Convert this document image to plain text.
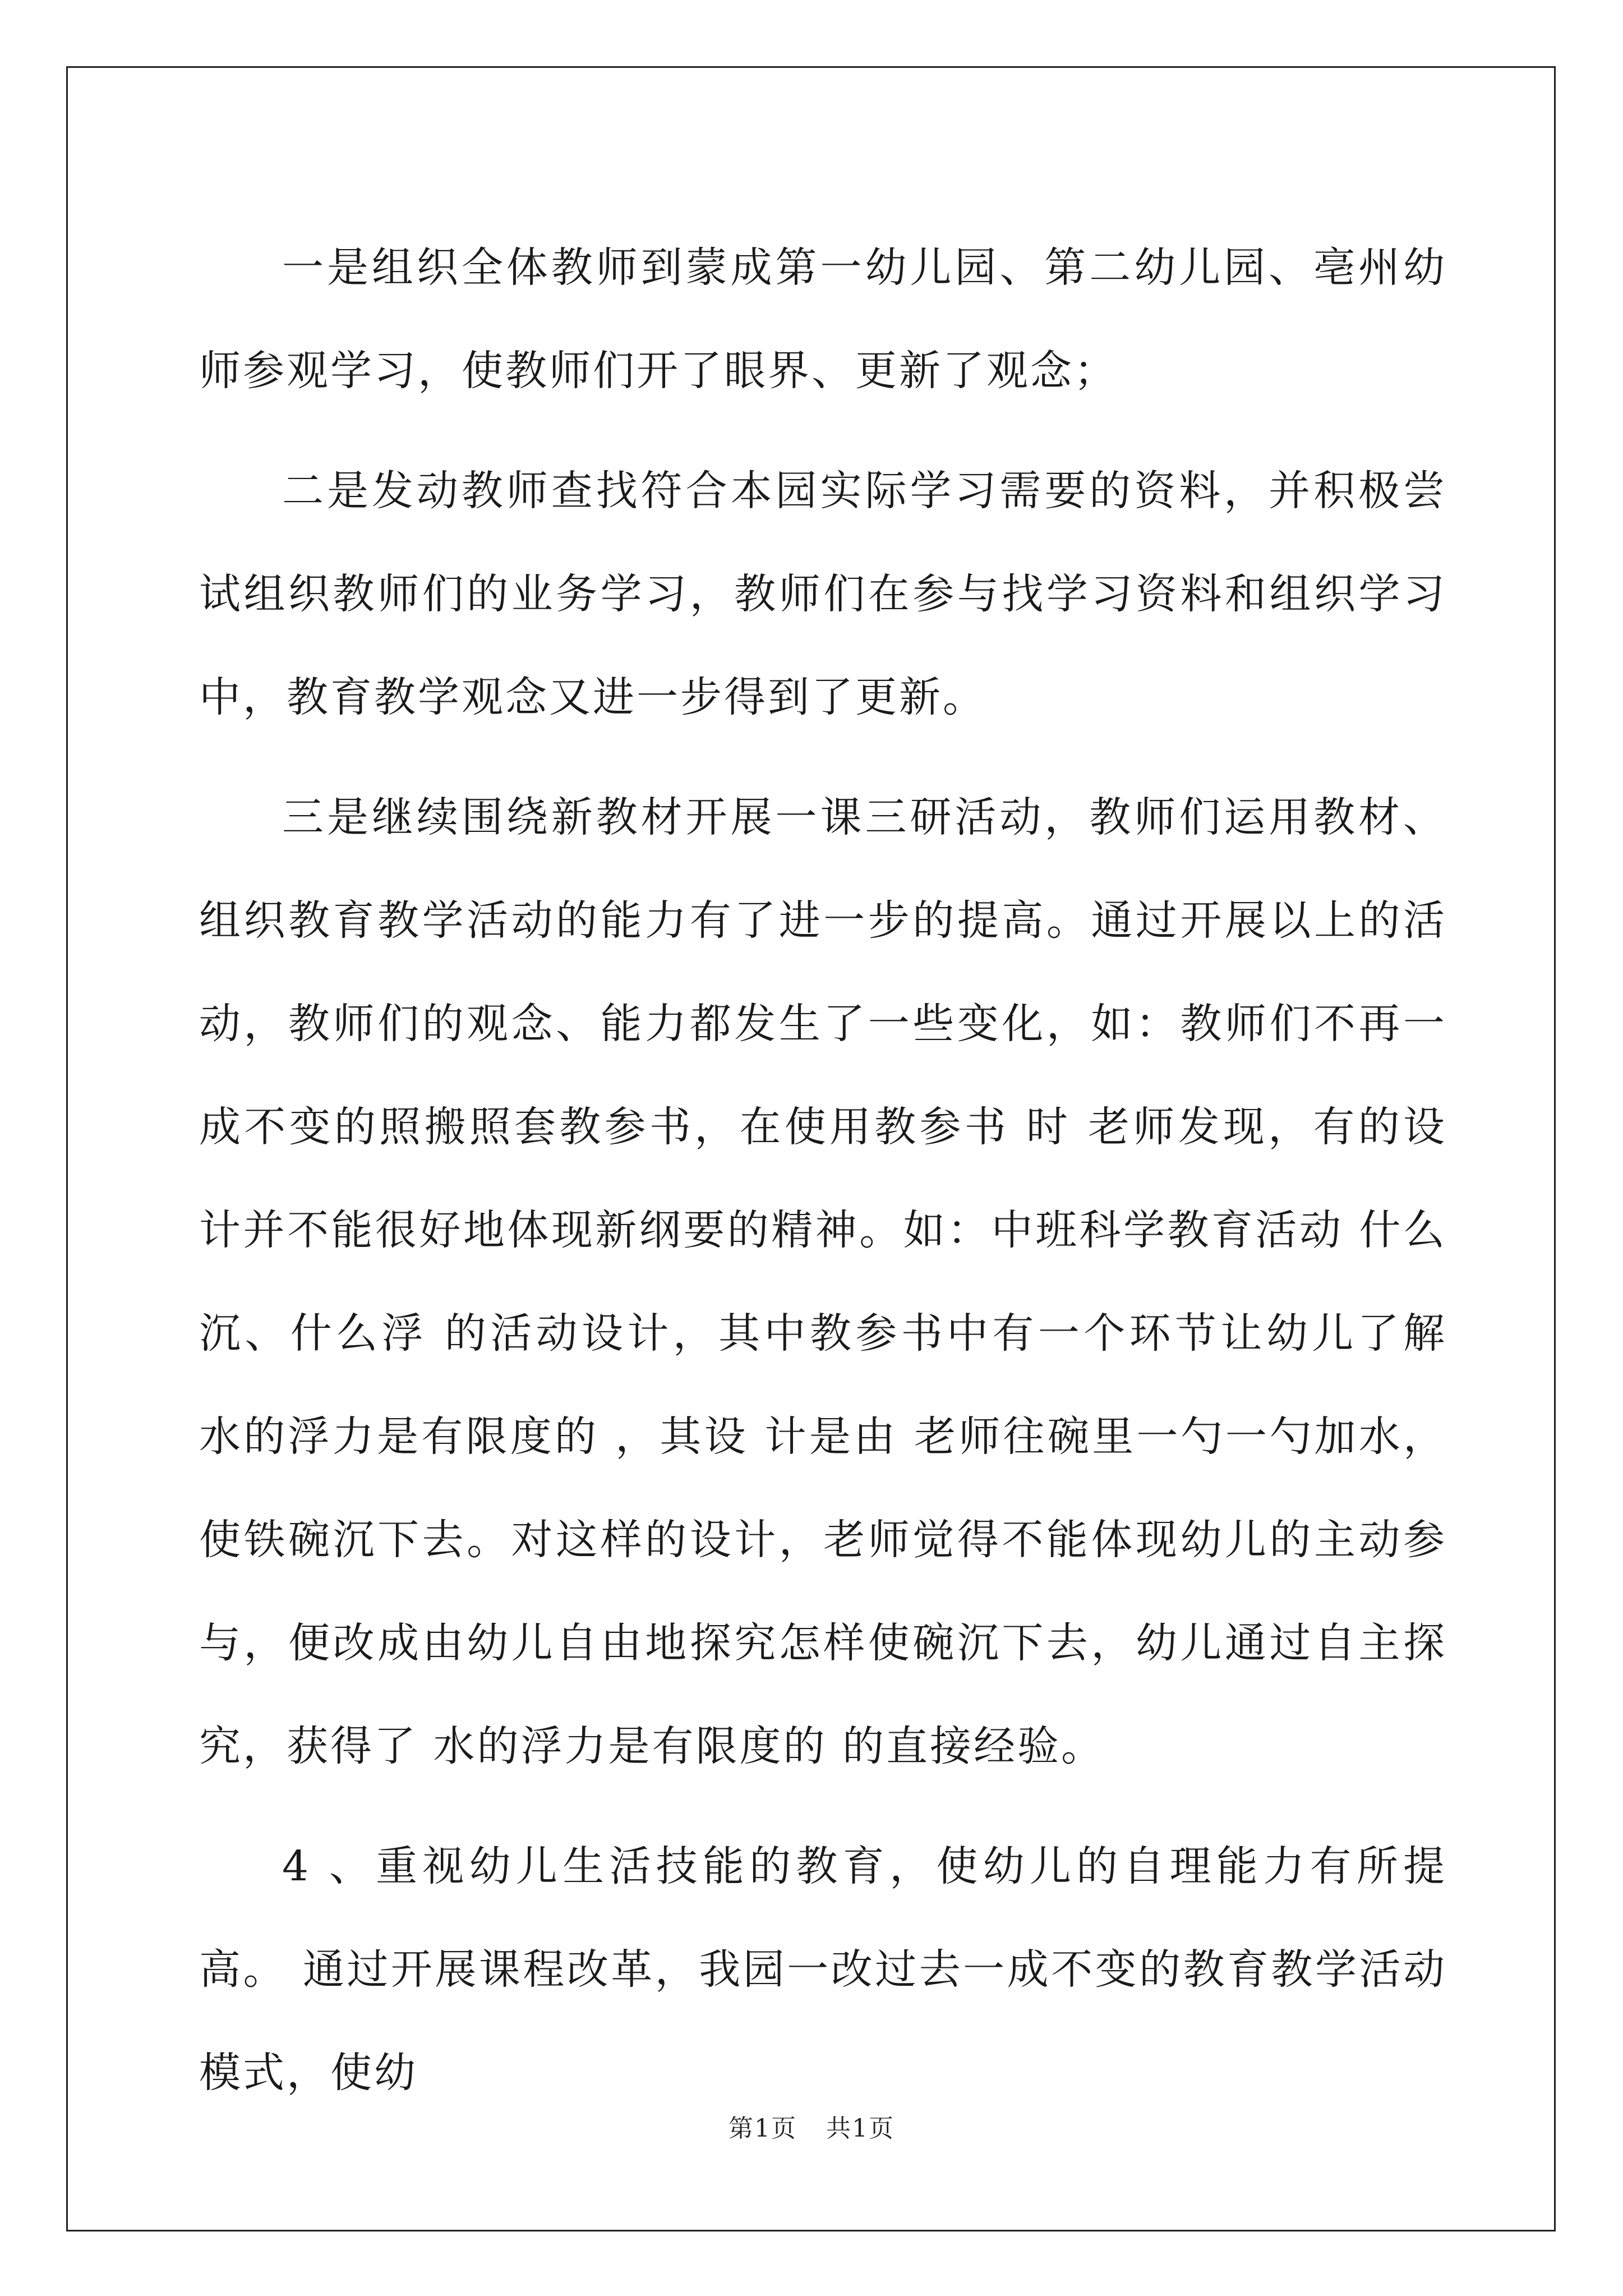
一是组织全体教师到蒙成第一幼儿园、第二幼儿园、亳州幼师参观学习，使教师们开了眼界、更新了观念；

二是发动教师查找符合本园实际学习需要的资料，并积极尝试组织教师们的业务学习，教师们在参与找学习资料和组织学习中，教育教学观念又进一步得到了更新。

三是继续围绕新教材开展一课三研活动，教师们运用教材、组织教育教学活动的能力有了进一步的提高。通过开展以上的活动，教师们的观念、能力都发生了一些变化，如：教师们不再一成不变的照搬照套教参书，在使用教参书 时 老师发现，有的设计并不能很好地体现新纲要的精神。如：中班科学教育活动 什么沉、什么浮 的活动设计，其中教参书中有一个环节让幼儿了解 水的浮力是有限度的 ，其设 计是由 老师往碗里一勺一勺加水，使铁碗沉下去。对这样的设计，老师觉得不能体现幼儿的主动参与，便改成由幼儿自由地探究怎样使碗沉下去，幼儿通过自主探究，获得了 水的浮力是有限度的 的直接经验。

4 、重视幼儿生活技能的教育，使幼儿的自理能力有所提高。 通过开展课程改革，我园一改过去一成不变的教育教学活动模式，使幼

第1页 共1页
